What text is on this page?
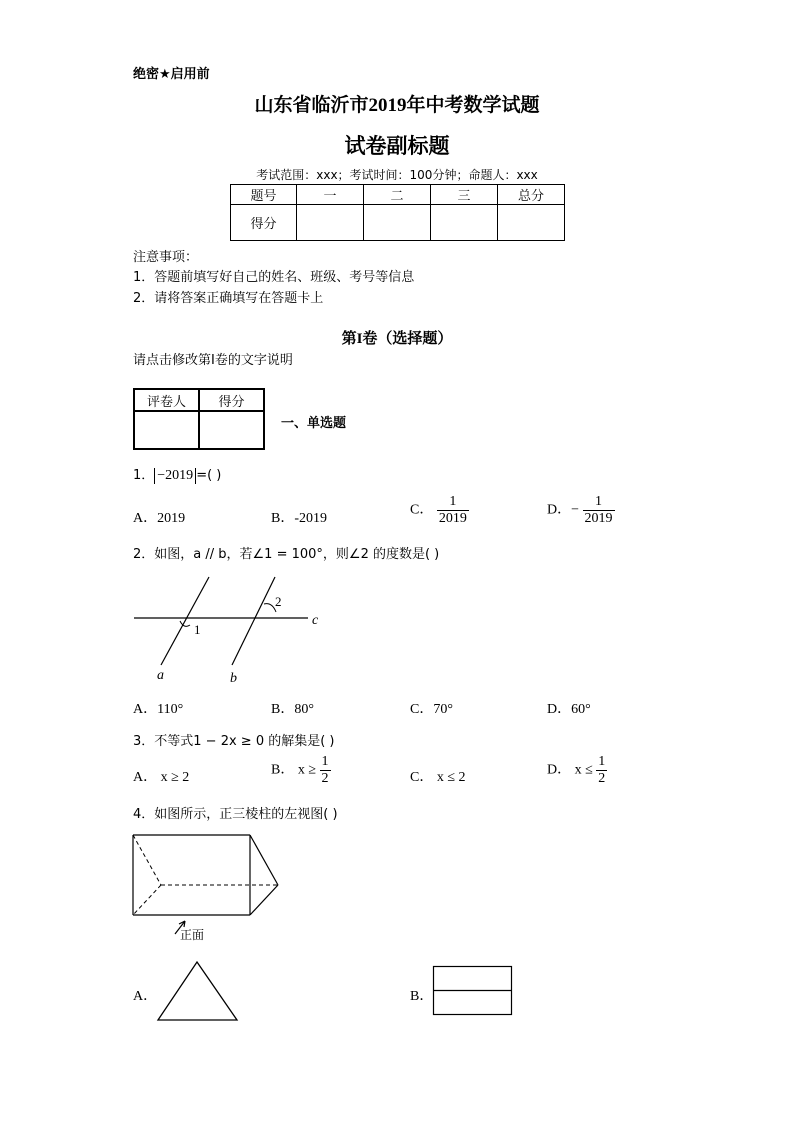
绝密★启用前
山东省临沂市2019年中考数学试题
试卷副标题
考试范围：xxx；考试时间：100分钟；命题人：xxx
题号	一	二	三	总分
得分				
注意事项：
1．答题前填写好自己的姓名、班级、考号等信息
2．请将答案正确填写在答题卡上
第I卷（选择题）
请点击修改第I卷的文字说明
评卷人	得分

一、单选题
1． −2019 =( )
A．2019	B．-2019
C． $\frac{1}{2019}$	D．− $\frac{1}{2019}$
2．如图，a // b，若∠1 = 100°，则∠2 的度数是( )
1
2
c
a	b
A．110°	B．80°	C．70°	D．60°
3．不等式1 − 2x ≥ 0 的解集是( )
A． x ≥ 2	B． $x \ge \frac{1}{2}$	C． x ≤ 2	D． $x \le \frac{1}{2}$
4．如图所示，正三棱柱的左视图( )
正面
A．	B．
